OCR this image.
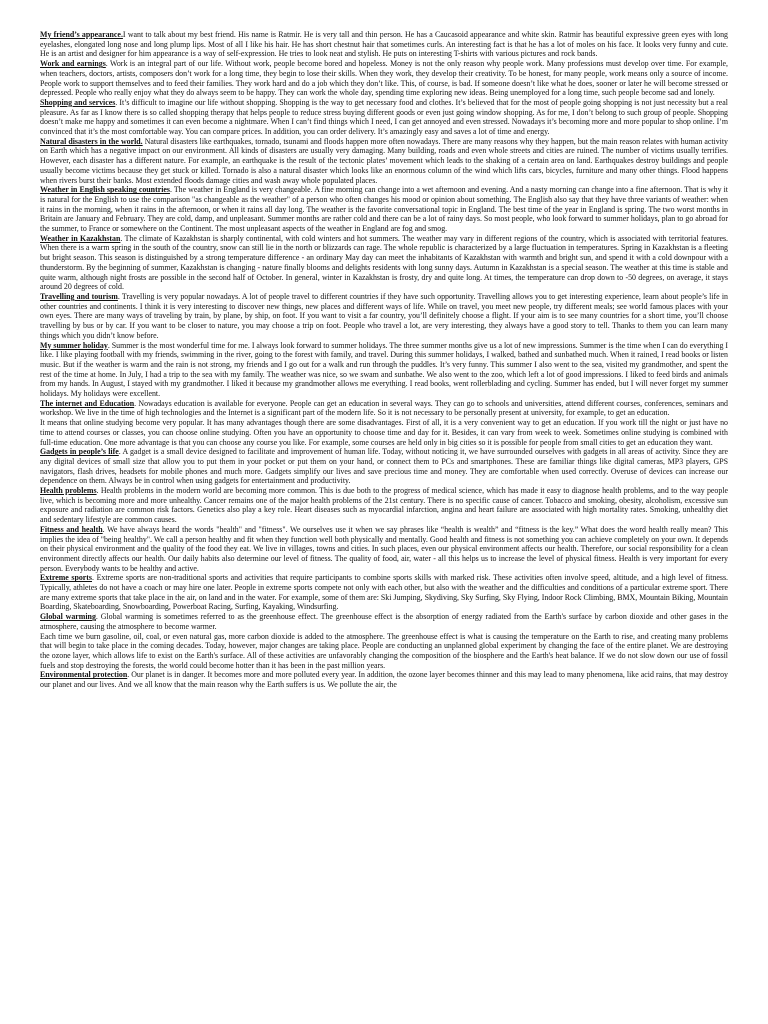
My friend’s appearance.I want to talk about my best friend. His name is Ratmir. He is very tall and thin person. He has a Caucasoid appearance and white skin. Ratmir has beautiful expressive green eyes with long eyelashes, elongated long nose and long plump lips. Most of all I like his hair. He has short chestnut hair that sometimes curls. An interesting fact is that he has a lot of moles on his face. It looks very funny and cute. He is an artist and designer for him appearance is a way of self-expression. He tries to look neat and stylish. He puts on interesting T-shirts with various pictures and rock bands.

Work and earnings. Work is an integral part of our life. Without work, people become bored and hopeless. Money is not the only reason why people work. Many professions must develop over time. For example, when teachers, doctors, artists, composers don’t work for a long time, they begin to lose their skills. When they work, they develop their creativity. To be honest, for many people, work means only a source of income. People work to support themselves and to feed their families. They work hard and do a job which they don’t like. This, of course, is bad. If someone doesn’t like what he does, sooner or later he will become stressed or depressed. People who really enjoy what they do always seem to be happy. They can work the whole day, spending time exploring new ideas. Being unemployed for a long time, such people become sad and lonely.

Shopping and services. It’s difficult to imagine our life without shopping. Shopping is the way to get necessary food and clothes. It’s believed that for the most of people going shopping is not just necessity but a real pleasure. As far as I know there is so called shopping therapy that helps people to reduce stress buying different goods or even just going window shopping. As for me, I don’t belong to such group of people. Shopping doesn’t make me happy and sometimes it can even become a nightmare. When I can’t find things which I need, I can get annoyed and even stressed. Nowadays it’s becoming more and more popular to shop online. I’m convinced that it’s the most comfortable way. You can compare prices. In addition, you can order delivery. It’s amazingly easy and saves a lot of time and energy.

Natural disasters in the world. Natural disasters like earthquakes, tornado, tsunami and floods happen more often nowadays. There are many reasons why they happen, but the main reason relates with human activity on Earth which has a negative impact on our environment. All kinds of disasters are usually very damaging. Many building, roads and even whole streets and cities are ruined. The number of victims usually terrifies. However, each disaster has a different nature. For example, an earthquake is the result of the tectonic plates’ movement which leads to the shaking of a certain area on land. Earthquakes destroy buildings and people usually become victims because they get stuck or killed. Tornado is also a natural disaster which looks like an enormous column of the wind which lifts cars, bicycles, furniture and many other things. Flood happens when rivers burst their banks. Most extended floods damage cities and wash away whole populated places.

Weather in English speaking countries. The weather in England is very changeable. A fine morning can change into a wet afternoon and evening. And a nasty morning can change into a fine afternoon. That is why it is natural for the English to use the comparison "as changeable as the weather" of a person who often changes his mood or opinion about something. The English also say that they have three variants of weather: when it rains in the morning, when it rains in the afternoon, or when it rains all day long. The weather is the favorite conversational topic in England. The best time of the year in England is spring. The two worst months in Britain are January and February. They are cold, damp, and unpleasant. Summer months are rather cold and there can be a lot of rainy days. So most people, who look forward to summer holidays, plan to go abroad for the summer, to France or somewhere on the Continent. The most unpleasant aspects of the weather in England are fog and smog.

Weather in Kazakhstan. The climate of Kazakhstan is sharply continental, with cold winters and hot summers. The weather may vary in different regions of the country, which is associated with territorial features. When there is a warm spring in the south of the country, snow can still lie in the north or blizzards can rage. The whole republic is characterized by a large fluctuation in temperatures. Spring in Kazakhstan is a fleeting but bright season. This season is distinguished by a strong temperature difference - an ordinary May day can meet the inhabitants of Kazakhstan with warmth and bright sun, and spend it with a cold downpour with a thunderstorm. By the beginning of summer, Kazakhstan is changing - nature finally blooms and delights residents with long sunny days. Autumn in Kazakhstan is a special season. The weather at this time is stable and quite warm, although night frosts are possible in the second half of October. In general, winter in Kazakhstan is frosty, dry and quite long. At times, the temperature can drop down to -50 degrees, on average, it stays around 20 degrees of cold.

Travelling and tourism. Travelling is very popular nowadays. A lot of people travel to different countries if they have such opportunity. Travelling allows you to get interesting experience, learn about people’s life in other countries and continents. I think it is very interesting to discover new things, new places and different ways of life. While on travel, you meet new people, try different meals; see world famous places with your own eyes. There are many ways of traveling by train, by plane, by ship, on foot. If you want to visit a far country, you’ll definitely choose a flight. If your aim is to see many countries for a short time, you’ll choose travelling by bus or by car. If you want to be closer to nature, you may choose a trip on foot. People who travel a lot, are very interesting, they always have a good story to tell. Thanks to them you can learn many things which you didn’t know before.

My summer holiday. Summer is the most wonderful time for me. I always look forward to summer holidays. The three summer months give us a lot of new impressions. Summer is the time when I can do everything I like. I like playing football with my friends, swimming in the river, going to the forest with family, and travel. During this summer holidays, I walked, bathed and sunbathed much. When it rained, I read books or listen music. But if the weather is warm and the rain is not strong, my friends and I go out for a walk and run through the puddles. It’s very funny. This summer I also went to the sea, visited my grandmother, and spent the rest of the time at home. In July, I had a trip to the sea with my family. The weather was nice, so we swam and sunbathe. We also went to the zoo, which left a lot of good impressions. I liked to feed birds and animals from my hands. In August, I stayed with my grandmother. I liked it because my grandmother allows me everything. I read books, went rollerblading and cycling. Summer has ended, but I will never forget my summer holidays. My holidays were excellent.

The internet and Education. Nowadays education is available for everyone. People can get an education in several ways. They can go to schools and universities, attend different courses, conferences, seminars and workshop. We live in the time of high technologies and the Internet is a significant part of the modern life. So it is not necessary to be personally present at university, for example, to get an education.
It means that online studying become very popular. It has many advantages though there are some disadvantages. First of all, it is a very convenient way to get an education. If you work till the night or just have no time to attend courses or classes, you can choose online studying. Often you have an opportunity to choose time and day for it. Besides, it can vary from week to week. Sometimes online studying is combined with full-time education. One more advantage is that you can choose any course you like. For example, some courses are held only in big cities so it is possible for people from small cities to get an education they want.

Gadgets in people’s life. A gadget is a small device designed to facilitate and improvement of human life. Today, without noticing it, we have surrounded ourselves with gadgets in all areas of activity. Since they are any digital devices of small size that allow you to put them in your pocket or put them on your hand, or connect them to PCs and smartphones. These are familiar things like digital cameras, MP3 players, GPS navigators, flash drives, headsets for mobile phones and much more. Gadgets simplify our lives and save precious time and money. They are comfortable when used correctly. Overuse of devices can increase our dependence on them. Always be in control when using gadgets for entertainment and productivity.

Health problems. Health problems in the modern world are becoming more common. This is due both to the progress of medical science, which has made it easy to diagnose health problems, and to the way people live, which is becoming more and more unhealthy. Cancer remains one of the major health problems of the 21st century. There is no specific cause of cancer. Tobacco and smoking, obesity, alcoholism, excessive sun exposure and radiation are common risk factors. Genetics also play a key role. Heart diseases such as myocardial infarction, angina and heart failure are associated with high mortality rates. Smoking, unhealthy diet and sedentary lifestyle are common causes.

Fitness and health. We have always heard the words "health" and "fitness". We ourselves use it when we say phrases like “health is wealth” and “fitness is the key.” What does the word health really mean? This implies the idea of "being healthy". We call a person healthy and fit when they function well both physically and mentally. Good health and fitness is not something you can achieve completely on your own. It depends on their physical environment and the quality of the food they eat. We live in villages, towns and cities. In such places, even our physical environment affects our health. Therefore, our social responsibility for a clean environment directly affects our health. Our daily habits also determine our level of fitness. The quality of food, air, water - all this helps us to increase the level of physical fitness. Health is very important for every person. Everybody wants to be healthy and active.

Extreme sports. Extreme sports are non-traditional sports and activities that require participants to combine sports skills with marked risk. These activities often involve speed, altitude, and a high level of fitness. Typically, athletes do not have a coach or may hire one later. People in extreme sports compete not only with each other, but also with the weather and the difficulties and conditions of a particular extreme sport. There are many extreme sports that take place in the air, on land and in the water. For example, some of them are: Ski Jumping, Skydiving, Sky Surfing, Sky Flying, Indoor Rock Climbing, BMX, Mountain Biking, Mountain Boarding, Skateboarding, Snowboarding, Powerboat Racing, Surfing, Kayaking, Windsurfing.

Global warming. Global warming is sometimes referred to as the greenhouse effect. The greenhouse effect is the absorption of energy radiated from the Earth's surface by carbon dioxide and other gases in the atmosphere, causing the atmosphere to become warmer.
Each time we burn gasoline, oil, coal, or even natural gas, more carbon dioxide is added to the atmosphere. The greenhouse effect is what is causing the temperature on the Earth to rise, and creating many problems that will begin to take place in the coming decades. Today, however, major changes are taking place. People are conducting an unplanned global experiment by changing the face of the entire planet. We are destroying the ozone layer, which allows life to exist on the Earth's surface. All of these activities are unfavorably changing the composition of the biosphere and the Earth's heat balance. If we do not slow down our use of fossil fuels and stop destroying the forests, the world could become hotter than it has been in the past million years.

Environmental protection. Our planet is in danger. It becomes more and more polluted every year. In addition, the ozone layer becomes thinner and this may lead to many phenomena, like acid rains, that may destroy our planet and our lives. And we all know that the main reason why the Earth suffers is us. We pollute the air, the
